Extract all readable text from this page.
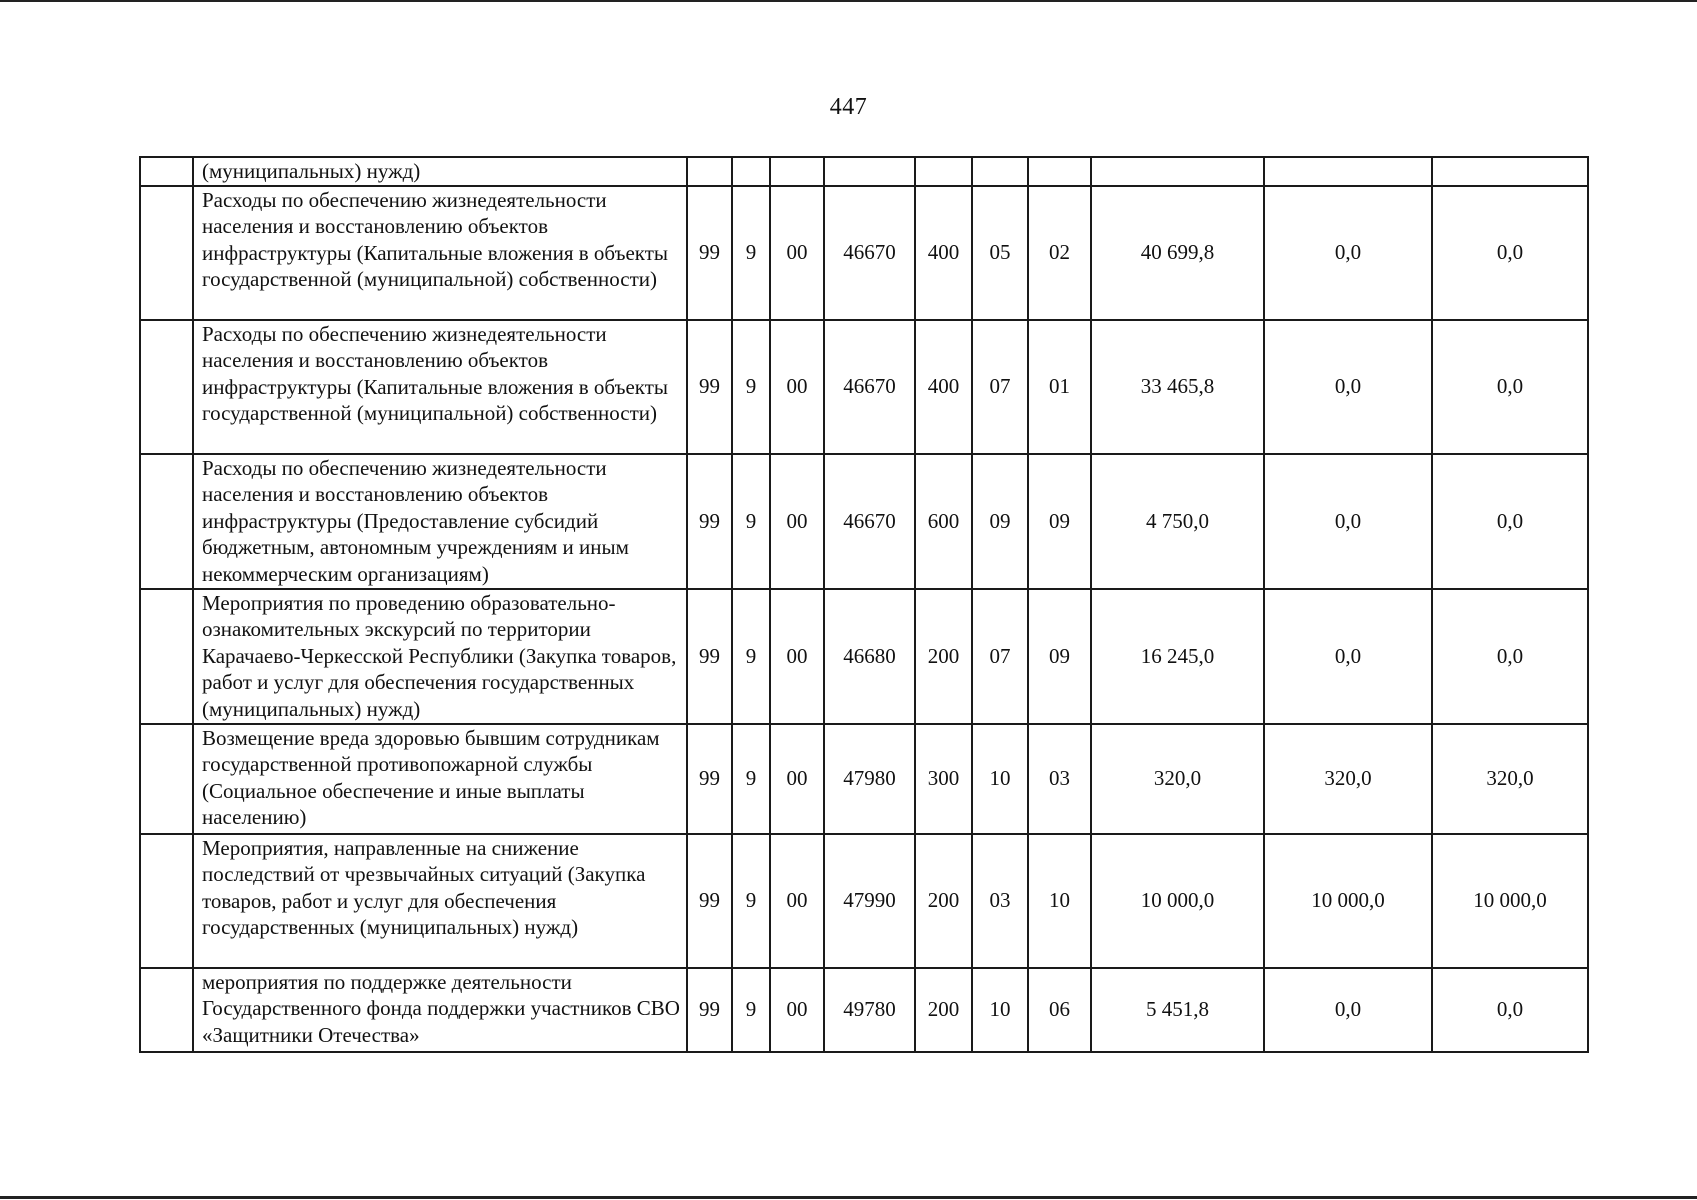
447
	(муниципальных) нужд)										
	Расходы по обеспечению жизнедеятельности населения и восстановлению объектов инфраструктуры (Капитальные вложения в объекты государственной (муниципальной) собственности)	99	9	00	46670	400	05	02	40 699,8	0,0	0,0
	Расходы по обеспечению жизнедеятельности населения и восстановлению объектов инфраструктуры (Капитальные вложения в объекты государственной (муниципальной) собственности)	99	9	00	46670	400	07	01	33 465,8	0,0	0,0
	Расходы по обеспечению жизнедеятельности населения и восстановлению объектов инфраструктуры (Предоставление субсидий бюджетным, автономным учреждениям и иным некоммерческим организациям)	99	9	00	46670	600	09	09	4 750,0	0,0	0,0
	Мероприятия по проведению образовательно-ознакомительных экскурсий по территории Карачаево-Черкесской Республики (Закупка товаров, работ и услуг для обеспечения государственных (муниципальных) нужд)	99	9	00	46680	200	07	09	16 245,0	0,0	0,0
	Возмещение вреда здоровью бывшим сотрудникам государственной противопожарной службы (Социальное обеспечение и иные выплаты населению)	99	9	00	47980	300	10	03	320,0	320,0	320,0
	Мероприятия, направленные на снижение последствий от чрезвычайных ситуаций (Закупка товаров, работ и услуг для обеспечения государственных (муниципальных) нужд)	99	9	00	47990	200	03	10	10 000,0	10 000,0	10 000,0
	мероприятия по поддержке деятельности Государственного фонда поддержки участников СВО «Защитники Отечества»	99	9	00	49780	200	10	06	5 451,8	0,0	0,0
